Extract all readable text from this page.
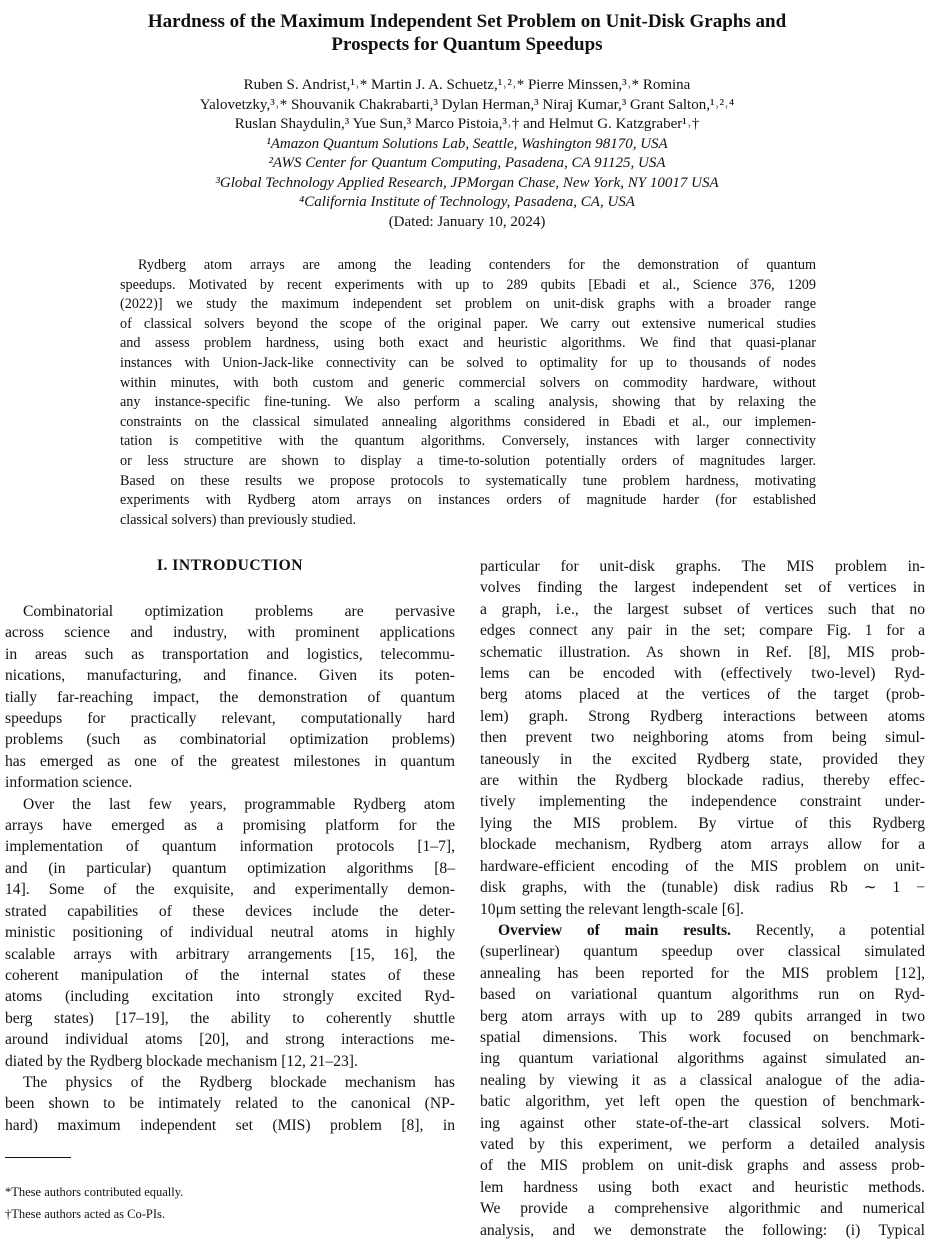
Hardness of the Maximum Independent Set Problem on Unit-Disk Graphs and
Prospects for Quantum Speedups
Ruben S. Andrist,¹˒* Martin J. A. Schuetz,¹˒²˒* Pierre Minssen,³˒* Romina
Yalovetzky,³˒* Shouvanik Chakrabarti,³ Dylan Herman,³ Niraj Kumar,³ Grant Salton,¹˒²˒⁴
Ruslan Shaydulin,³ Yue Sun,³ Marco Pistoia,³˒† and Helmut G. Katzgraber¹˒†
¹Amazon Quantum Solutions Lab, Seattle, Washington 98170, USA
²AWS Center for Quantum Computing, Pasadena, CA 91125, USA
³Global Technology Applied Research, JPMorgan Chase, New York, NY 10017 USA
⁴California Institute of Technology, Pasadena, CA, USA
(Dated: January 10, 2024)
Rydberg atom arrays are among the leading contenders for the demonstration of quantum
speedups. Motivated by recent experiments with up to 289 qubits [Ebadi et al., Science 376, 1209
(2022)] we study the maximum independent set problem on unit-disk graphs with a broader range
of classical solvers beyond the scope of the original paper. We carry out extensive numerical studies
and assess problem hardness, using both exact and heuristic algorithms. We find that quasi-planar
instances with Union-Jack-like connectivity can be solved to optimality for up to thousands of nodes
within minutes, with both custom and generic commercial solvers on commodity hardware, without
any instance-specific fine-tuning. We also perform a scaling analysis, showing that by relaxing the
constraints on the classical simulated annealing algorithms considered in Ebadi et al., our implemen-
tation is competitive with the quantum algorithms. Conversely, instances with larger connectivity
or less structure are shown to display a time-to-solution potentially orders of magnitudes larger.
Based on these results we propose protocols to systematically tune problem hardness, motivating
experiments with Rydberg atom arrays on instances orders of magnitude harder (for established
classical solvers) than previously studied.
I. INTRODUCTION
Combinatorial optimization problems are pervasive
across science and industry, with prominent applications
in areas such as transportation and logistics, telecommu-
nications, manufacturing, and finance. Given its poten-
tially far-reaching impact, the demonstration of quantum
speedups for practically relevant, computationally hard
problems (such as combinatorial optimization problems)
has emerged as one of the greatest milestones in quantum
information science.
Over the last few years, programmable Rydberg atom
arrays have emerged as a promising platform for the
implementation of quantum information protocols [1–7],
and (in particular) quantum optimization algorithms [8–
14]. Some of the exquisite, and experimentally demon-
strated capabilities of these devices include the deter-
ministic positioning of individual neutral atoms in highly
scalable arrays with arbitrary arrangements [15, 16], the
coherent manipulation of the internal states of these
atoms (including excitation into strongly excited Ryd-
berg states) [17–19], the ability to coherently shuttle
around individual atoms [20], and strong interactions me-
diated by the Rydberg blockade mechanism [12, 21–23].
The physics of the Rydberg blockade mechanism has
been shown to be intimately related to the canonical (NP-
hard) maximum independent set (MIS) problem [8], in
particular for unit-disk graphs. The MIS problem in-
volves finding the largest independent set of vertices in
a graph, i.e., the largest subset of vertices such that no
edges connect any pair in the set; compare Fig. 1 for a
schematic illustration. As shown in Ref. [8], MIS prob-
lems can be encoded with (effectively two-level) Ryd-
berg atoms placed at the vertices of the target (prob-
lem) graph. Strong Rydberg interactions between atoms
then prevent two neighboring atoms from being simul-
taneously in the excited Rydberg state, provided they
are within the Rydberg blockade radius, thereby effec-
tively implementing the independence constraint under-
lying the MIS problem. By virtue of this Rydberg
blockade mechanism, Rydberg atom arrays allow for a
hardware-efficient encoding of the MIS problem on unit-
disk graphs, with the (tunable) disk radius Rb ∼ 1 −
10μm setting the relevant length-scale [6].
Overview of main results. Recently, a potential
(superlinear) quantum speedup over classical simulated
annealing has been reported for the MIS problem [12],
based on variational quantum algorithms run on Ryd-
berg atom arrays with up to 289 qubits arranged in two
spatial dimensions. This work focused on benchmark-
ing quantum variational algorithms against simulated an-
nealing by viewing it as a classical analogue of the adia-
batic algorithm, yet left open the question of benchmark-
ing against other state-of-the-art classical solvers. Moti-
vated by this experiment, we perform a detailed analysis
of the MIS problem on unit-disk graphs and assess prob-
lem hardness using both exact and heuristic methods.
We provide a comprehensive algorithmic and numerical
analysis, and we demonstrate the following: (i) Typical
*These authors contributed equally.
†These authors acted as Co-PIs.
